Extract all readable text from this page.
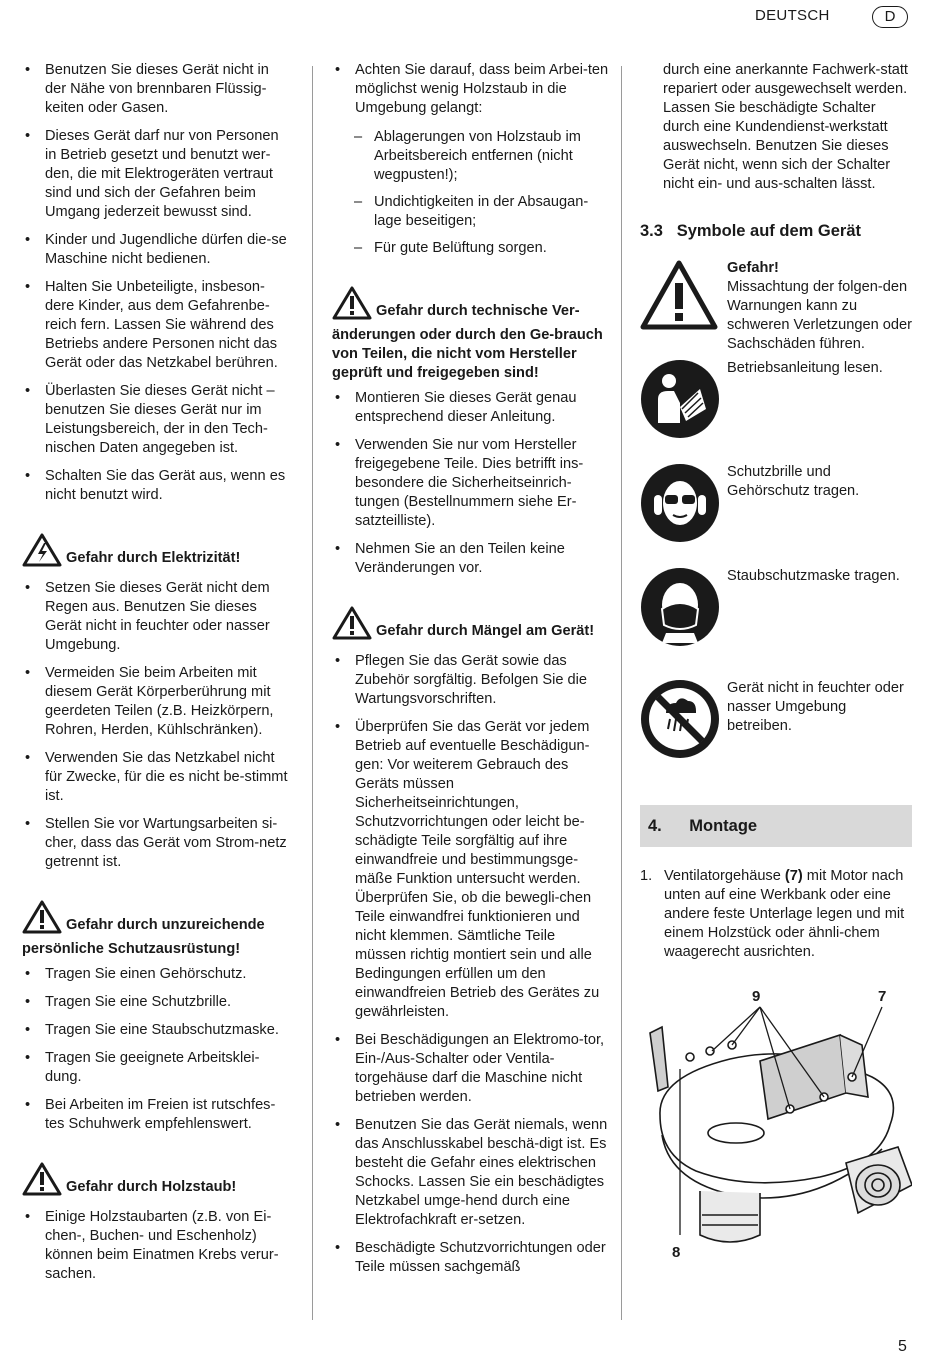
DEUTSCH	D
• Benutzen Sie dieses Gerät nicht in der Nähe von brennbaren Flüssig-keiten oder Gasen.
• Dieses Gerät darf nur von Personen in Betrieb gesetzt und benutzt wer-den, die mit Elektrogeräten vertraut sind und sich der Gefahren beim Umgang jederzeit bewusst sind.
• Kinder und Jugendliche dürfen die-se Maschine nicht bedienen.
• Halten Sie Unbeteiligte, insbeson-dere Kinder, aus dem Gefahrenbe-reich fern. Lassen Sie während des Betriebs andere Personen nicht das Gerät oder das Netzkabel berühren.
• Überlasten Sie dieses Gerät nicht – benutzen Sie dieses Gerät nur im Leistungsbereich, der in den Tech-nischen Daten angegeben ist.
• Schalten Sie das Gerät aus, wenn es nicht benutzt wird.
Gefahr durch Elektrizität!
• Setzen Sie dieses Gerät nicht dem Regen aus. Benutzen Sie dieses Gerät nicht in feuchter oder nasser Umgebung.
• Vermeiden Sie beim Arbeiten mit diesem Gerät Körperberührung mit geerdeten Teilen (z.B. Heizkörpern, Rohren, Herden, Kühlschränken).
• Verwenden Sie das Netzkabel nicht für Zwecke, für die es nicht be-stimmt ist.
• Stellen Sie vor Wartungsarbeiten si-cher, dass das Gerät vom Strom-netz getrennt ist.
Gefahr durch unzureichende persönliche Schutzausrüstung!
• Tragen Sie einen Gehörschutz.
• Tragen Sie eine Schutzbrille.
• Tragen Sie eine Staubschutzmaske.
• Tragen Sie geeignete Arbeitsklei-dung.
• Bei Arbeiten im Freien ist rutschfes-tes Schuhwerk empfehlenswert.
Gefahr durch Holzstaub!
• Einige Holzstaubarten (z.B. von Ei-chen-, Buchen- und Eschenholz) können beim Einatmen Krebs verur-sachen.
• Achten Sie darauf, dass beim Arbei-ten möglichst wenig Holzstaub in die Umgebung gelangt:
– Ablagerungen von Holzstaub im Arbeitsbereich entfernen (nicht wegpusten!);
– Undichtigkeiten in der Absaugan-lage beseitigen;
– Für gute Belüftung sorgen.
Gefahr durch technische Ver-änderungen oder durch den Ge-brauch von Teilen, die nicht vom Hersteller geprüft und freigegeben sind!
• Montieren Sie dieses Gerät genau entsprechend dieser Anleitung.
• Verwenden Sie nur vom Hersteller freigegebene Teile. Dies betrifft ins-besondere die Sicherheitseinrich-tungen (Bestellnummern siehe Er-satzteilliste).
• Nehmen Sie an den Teilen keine Veränderungen vor.
Gefahr durch Mängel am Gerät!
• Pflegen Sie das Gerät sowie das Zubehör sorgfältig. Befolgen Sie die Wartungsvorschriften.
• Überprüfen Sie das Gerät vor jedem Betrieb auf eventuelle Beschädigun-gen: Vor weiterem Gebrauch des Geräts müssen Sicherheitseinrichtungen, Schutzvorrichtungen oder leicht be-schädigte Teile sorgfältig auf ihre einwandfreie und bestimmungsge-mäße Funktion untersucht werden. Überprüfen Sie, ob die bewegli-chen Teile einwandfrei funktionieren und nicht klemmen. Sämtliche Teile müssen richtig montiert sein und alle Bedingungen erfüllen um den einwandfreien Betrieb des Gerätes zu gewährleisten.
• Bei Beschädigungen an Elektromo-tor, Ein-/Aus-Schalter oder Ventila-torgehäuse darf die Maschine nicht betrieben werden.
• Benutzen Sie das Gerät niemals, wenn das Anschlusskabel beschä-digt ist. Es besteht die Gefahr eines elektrischen Schocks. Lassen Sie ein beschädigtes Netzkabel umge-hend durch eine Elektrofachkraft er-setzen.
• Beschädigte Schutzvorrichtungen oder Teile müssen sachgemäß
durch eine anerkannte Fachwerk-statt repariert oder ausgewechselt werden. Lassen Sie beschädigte Schalter durch eine Kundendienst-werkstatt auswechseln. Benutzen Sie dieses Gerät nicht, wenn sich der Schalter nicht ein- und aus-schalten lässt.
3.3   Symbole auf dem Gerät
Gefahr!
Missachtung der folgen-den Warnungen kann zu schweren Verletzungen oder Sachschäden führen.
Betriebsanleitung lesen.
Schutzbrille und Gehörschutz tragen.
Staubschutzmaske tragen.
Gerät nicht in feuchter oder nasser Umgebung betreiben.
4.      Montage
1. Ventilatorgehäuse (7) mit Motor nach unten auf eine Werkbank oder eine andere feste Unterlage legen und mit einem Holzstück oder ähnli-chem waagerecht ausrichten.
9	7
8
5
